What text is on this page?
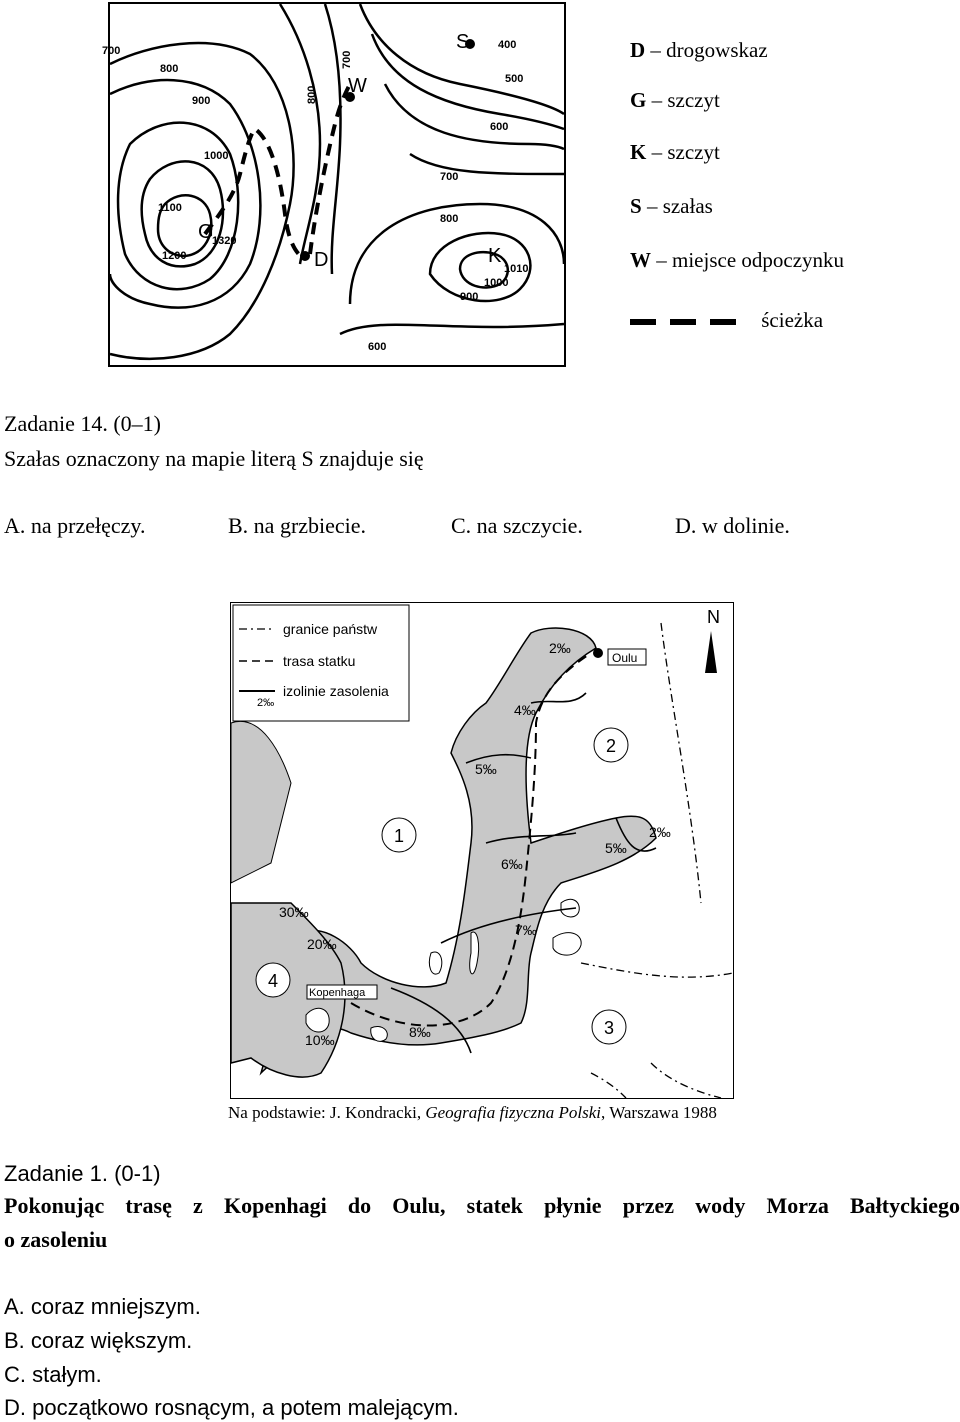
700
800
900
1000
1100
1200
1320
800
700
400
500
600
700
800
900
1000
1010
600
G
D
W
S
K
D – drogowskaz
G – szczyt
K – szczyt
S – szałas
W – miejsce odpoczynku
ścieżka
Zadanie 14. (0–1)
Szałas oznaczony na mapie literą S znajduje się
A. na przełęczy.	B. na grzbiecie.	C. na szczycie.	D. w dolinie.
N
1
2
3
4
2‰
4‰
5‰
6‰
2‰
5‰
7‰
8‰
10‰
20‰
30‰
Oulu
Kopenhaga
granice państw
trasa statku
izolinie zasolenia
2‰
Na podstawie: J. Kondracki, Geografia fizyczna Polski, Warszawa 1988
Zadanie 1. (0-1)
Pokonując trasę z Kopenhagi do Oulu, statek płynie przez wody Morza Bałtyckiego
o zasoleniu
A. coraz mniejszym.
B. coraz większym.
C. stałym.
D. początkowo rosnącym, a potem malejącym.
